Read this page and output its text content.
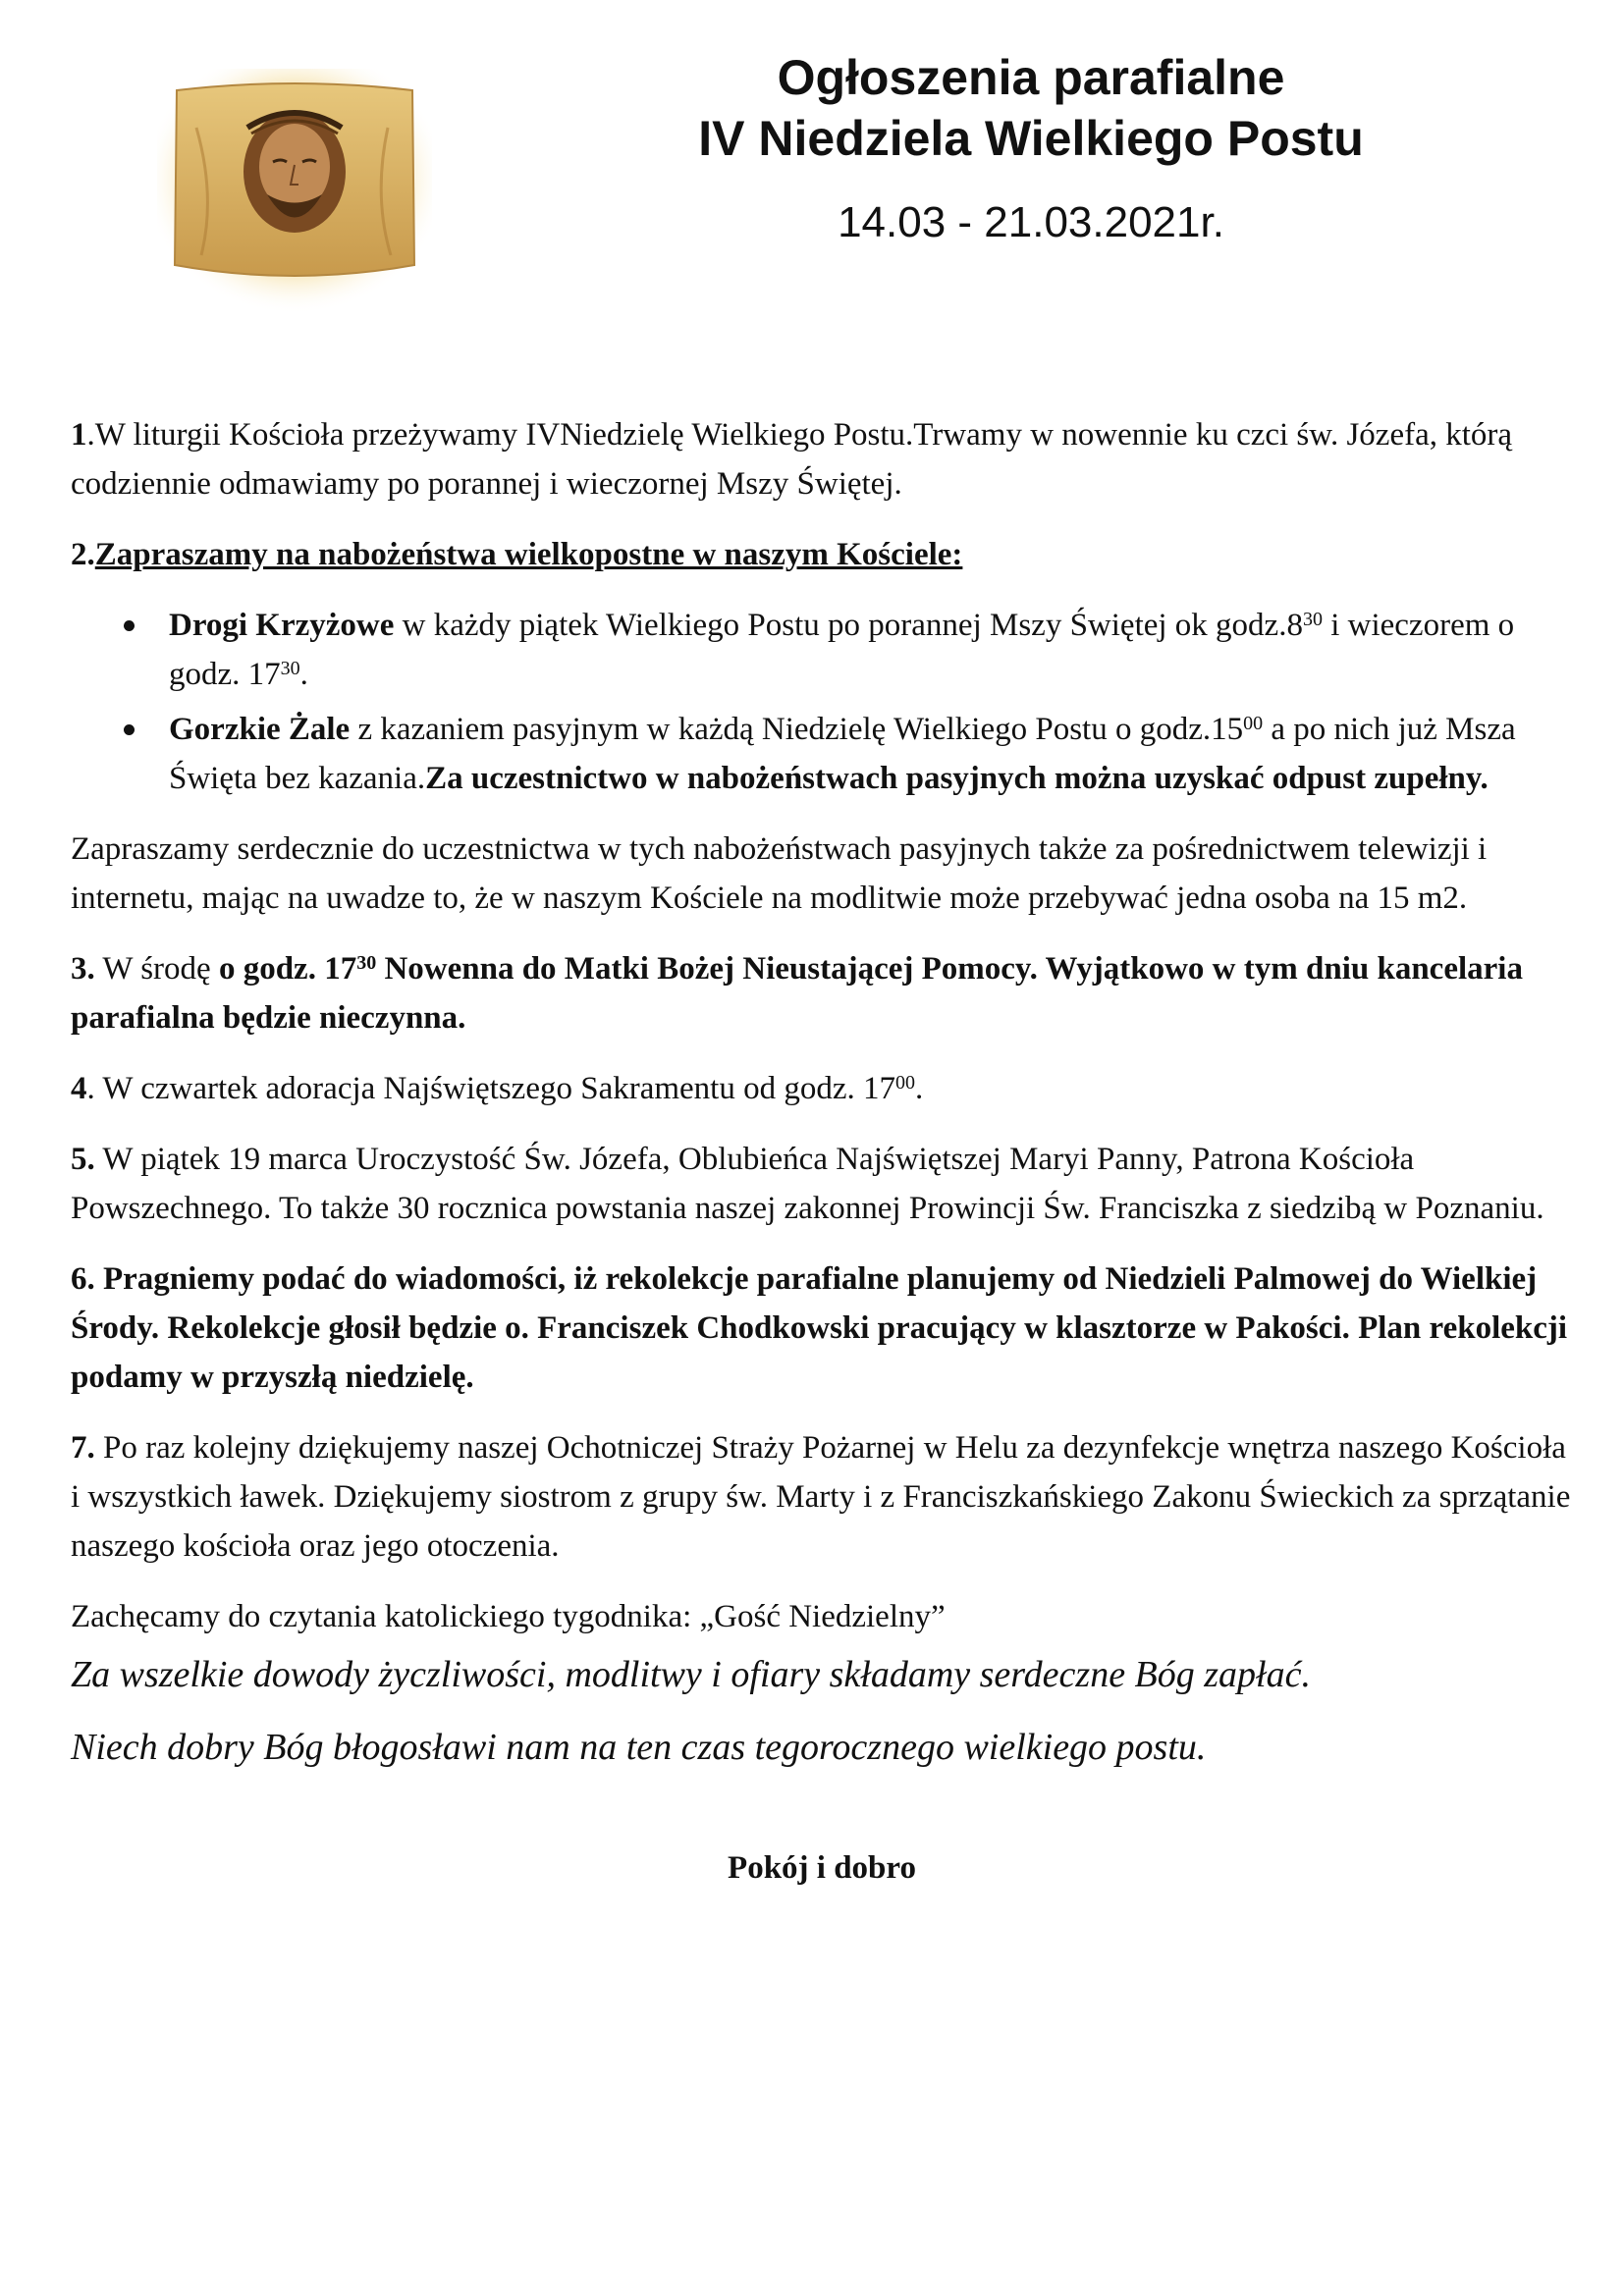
Ogłoszenia parafialne
IV Niedziela Wielkiego Postu
14.03 - 21.03.2021r.

1.W liturgii Kościoła przeżywamy IVNiedzielę Wielkiego Postu.Trwamy w nowennie ku czci św. Józefa, którą codziennie odmawiamy po porannej i wieczornej Mszy Świętej.

2.Zapraszamy na nabożeństwa wielkopostne w naszym Kościele:

Drogi Krzyżowe w każdy piątek Wielkiego Postu po porannej Mszy Świętej ok $godz.8^{30}$ i wieczorem o godz. $17^{30}$.
Gorzkie Żale z kazaniem pasyjnym w każdą Niedzielę Wielkiego Postu o $godz.15^{00}$ a po nich już Msza Święta bez kazania.Za uczestnictwo w nabożeństwach pasyjnych można uzyskać odpust zupełny.

Zapraszamy serdecznie do uczestnictwa w tych nabożeństwach pasyjnych także za pośrednictwem telewizji i internetu, mając na uwadze to, że w naszym Kościele na modlitwie może przebywać jedna osoba na 15 m2.

3. W środę o godz. $17^{30}$ Nowenna do Matki Bożej Nieustającej Pomocy. Wyjątkowo w tym dniu kancelaria parafialna będzie nieczynna.

4. W czwartek adoracja Najświętszego Sakramentu od godz. $17^{00}$.

5. W piątek 19 marca Uroczystość Św. Józefa, Oblubieńca Najświętszej Maryi Panny, Patrona Kościoła Powszechnego. To także 30 rocznica powstania naszej zakonnej Prowincji Św. Franciszka z siedzibą w Poznaniu.

6. Pragniemy podać do wiadomości, iż rekolekcje parafialne planujemy od Niedzieli Palmowej do Wielkiej Środy. Rekolekcje głosił będzie o. Franciszek Chodkowski pracujący w klasztorze w Pakości. Plan rekolekcji podamy w przyszłą niedzielę.

7. Po raz kolejny dziękujemy naszej Ochotniczej Straży Pożarnej w Helu za dezynfekcje wnętrza naszego Kościoła i wszystkich ławek. Dziękujemy siostrom z grupy św. Marty i z Franciszkańskiego Zakonu Świeckich za sprzątanie naszego kościoła oraz jego otoczenia.

Zachęcamy do czytania katolickiego tygodnika: „Gość Niedzielny”

Za wszelkie dowody życzliwości, modlitwy i ofiary składamy serdeczne Bóg zapłać.

Niech dobry Bóg błogosławi nam na ten czas tegorocznego wielkiego postu.

Pokój i dobro
